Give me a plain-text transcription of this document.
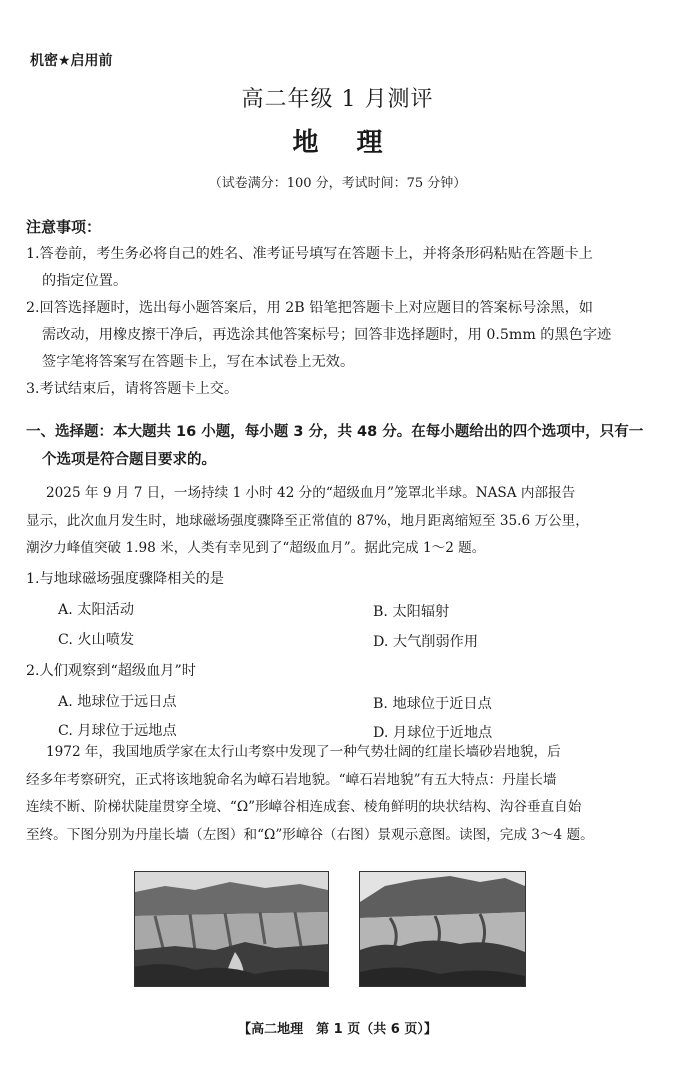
机密★启用前
高二年级 1 月测评
地理
（试卷满分：100 分，考试时间：75 分钟）
注意事项：
1.答卷前，考生务必将自己的姓名、准考证号填写在答题卡上，并将条形码粘贴在答题卡上
的指定位置。
2.回答选择题时，选出每小题答案后，用 2B 铅笔把答题卡上对应题目的答案标号涂黑，如
需改动，用橡皮擦干净后，再选涂其他答案标号；回答非选择题时，用 0.5mm 的黑色字迹
签字笔将答案写在答题卡上，写在本试卷上无效。
3.考试结束后，请将答题卡上交。
一、选择题：本大题共 16 小题，每小题 3 分，共 48 分。在每小题给出的四个选项中，只有一
个选项是符合题目要求的。
2025 年 9 月 7 日，一场持续 1 小时 42 分的“超级血月”笼罩北半球。NASA 内部报告
显示，此次血月发生时，地球磁场强度骤降至正常值的 87%，地月距离缩短至 35.6 万公里，
潮汐力峰值突破 1.98 米，人类有幸见到了“超级血月”。据此完成 1～2 题。
1.与地球磁场强度骤降相关的是
A. 太阳活动	B. 太阳辐射
C. 火山喷发	D. 大气削弱作用
2.人们观察到“超级血月”时
A. 地球位于远日点	B. 地球位于近日点
C. 月球位于远地点	D. 月球位于近地点
1972 年，我国地质学家在太行山考察中发现了一种气势壮阔的红崖长墙砂岩地貌，后
经多年考察研究，正式将该地貌命名为嶂石岩地貌。“嶂石岩地貌”有五大特点：丹崖长墙
连续不断、阶梯状陡崖贯穿全境、“Ω”形嶂谷相连成套、棱角鲜明的块状结构、沟谷垂直自始
至终。下图分别为丹崖长墙（左图）和“Ω”形嶂谷（右图）景观示意图。读图，完成 3～4 题。
【高二地理　第 1 页（共 6 页）】
